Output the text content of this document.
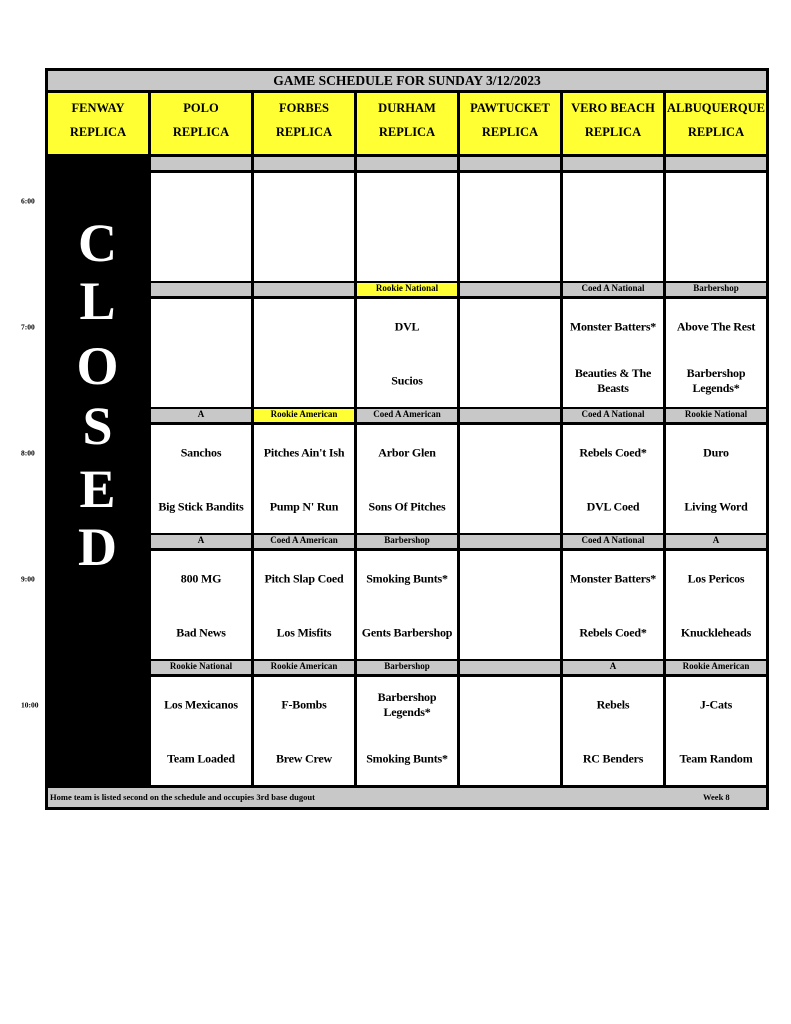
GAME SCHEDULE FOR SUNDAY 3/12/2023
C
L
O
S
E
D
Home team is listed second on the schedule and occupies 3rd base dugout	Week 8
FENWAY
REPLICA
POLO
REPLICA
FORBES
REPLICA
DURHAM
REPLICA
PAWTUCKET
REPLICA
VERO BEACH
REPLICA
ALBUQUERQUE
REPLICA
Rookie National
DVL
Sucios
Coed A National
Monster Batters*
Beauties & The Beasts
Barbershop
Above The Rest
Barbershop Legends*
A
Sanchos
Big Stick Bandits
Rookie American
Pitches Ain't Ish
Pump N' Run
Coed A American
Arbor Glen
Sons Of Pitches
Coed A National
Rebels Coed*
DVL Coed
Rookie National
Duro
Living Word
A
800 MG
Bad News
Coed A American
Pitch Slap Coed
Los Misfits
Barbershop
Smoking Bunts*
Gents Barbershop
Coed A National
Monster Batters*
Rebels Coed*
A
Los Pericos
Knuckleheads
Rookie National
Los Mexicanos
Team Loaded
Rookie American
F-Bombs
Brew Crew
Barbershop
Barbershop Legends*
Smoking Bunts*
A
Rebels
RC Benders
Rookie American
J-Cats
Team Random
6:00
7:00
8:00
9:00
10:00
